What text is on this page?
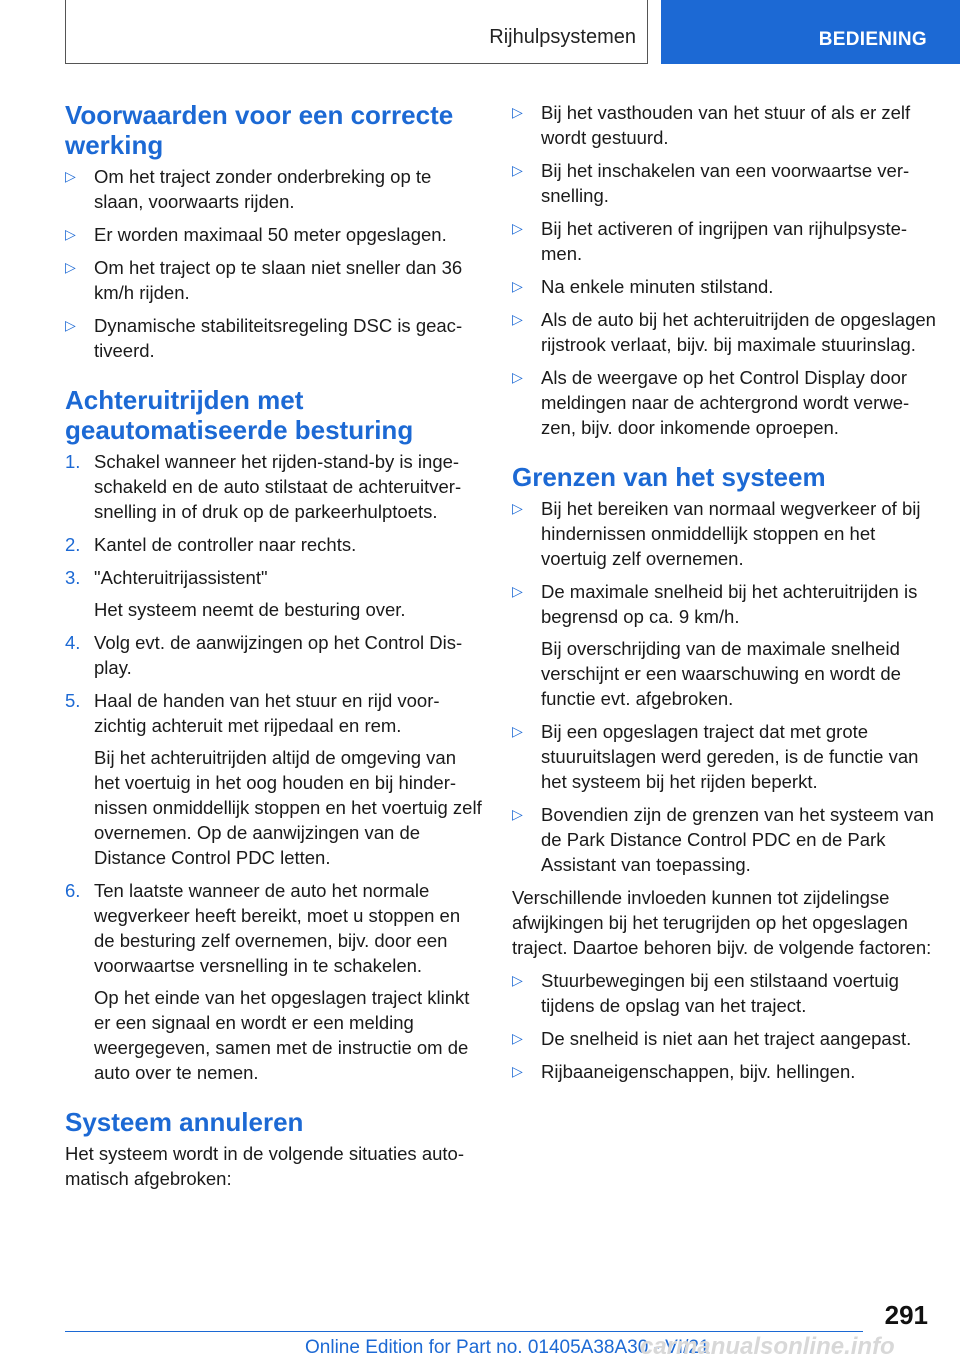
Rijhulpsystemen	BEDIENING
Voorwaarden voor een correcte werking
▷ Om het traject zonder onderbreking op te slaan, voorwaarts rijden.

▷ Er worden maximaal 50 meter opgeslagen.

▷ Om het traject op te slaan niet sneller dan 36 km/h rijden.

▷ Dynamische stabiliteitsregeling DSC is geactiveerd.

Achteruitrijden met geautomatiseerde besturing
1. Schakel wanneer het rijden-stand-by is ingeschakeld en de auto stilstaat de achteruitversnelling in of druk op de parkeerhulptoets.

2. Kantel de controller naar rechts.

3. "Achteruitrijassistent"

Het systeem neemt de besturing over.

4. Volg evt. de aanwijzingen op het Control Display.

5. Haal de handen van het stuur en rijd voorzichtig achteruit met rijpedaal en rem.

Bij het achteruitrijden altijd de omgeving van het voertuig in het oog houden en bij hindernissen onmiddellijk stoppen en het voertuig zelf overnemen. Op de aanwijzingen van de Distance Control PDC letten.

6. Ten laatste wanneer de auto het normale wegverkeer heeft bereikt, moet u stoppen en de besturing zelf overnemen, bijv. door een voorwaartse versnelling in te schakelen.

Op het einde van het opgeslagen traject klinkt er een signaal en wordt er een melding weergegeven, samen met de instructie om de auto over te nemen.

Systeem annuleren

Het systeem wordt in de volgende situaties automatisch afgebroken:

▷ Bij het vasthouden van het stuur of als er zelf wordt gestuurd.

▷ Bij het inschakelen van een voorwaartse versnelling.

▷ Bij het activeren of ingrijpen van rijhulpsystemen.

▷ Na enkele minuten stilstand.

▷ Als de auto bij het achteruitrijden de opgeslagen rijstrook verlaat, bijv. bij maximale stuurinslag.

▷ Als de weergave op het Control Display door meldingen naar de achtergrond wordt verwezen, bijv. door inkomende oproepen.

Grenzen van het systeem
▷ Bij het bereiken van normaal wegverkeer of bij hindernissen onmiddellijk stoppen en het voertuig zelf overnemen.

▷ De maximale snelheid bij het achteruitrijden is begrensd op ca. 9 km/h.

Bij overschrijding van de maximale snelheid verschijnt er een waarschuwing en wordt de functie evt. afgebroken.

▷ Bij een opgeslagen traject dat met grote stuuruitslagen werd gereden, is de functie van het systeem bij het rijden beperkt.

▷ Bovendien zijn de grenzen van het systeem van de Park Distance Control PDC en de Park Assistant van toepassing.

Verschillende invloeden kunnen tot zijdelingse afwijkingen bij het terugrijden op het opgeslagen traject. Daartoe behoren bijv. de volgende factoren:

▷ Stuurbewegingen bij een stilstaand voertuig tijdens de opslag van het traject.

▷ De snelheid is niet aan het traject aangepast.

▷ Rijbaaneigenschappen, bijv. hellingen.

291
Online Edition for Part no. 01405A38A30 - VI/21
carmanualsonline.info
